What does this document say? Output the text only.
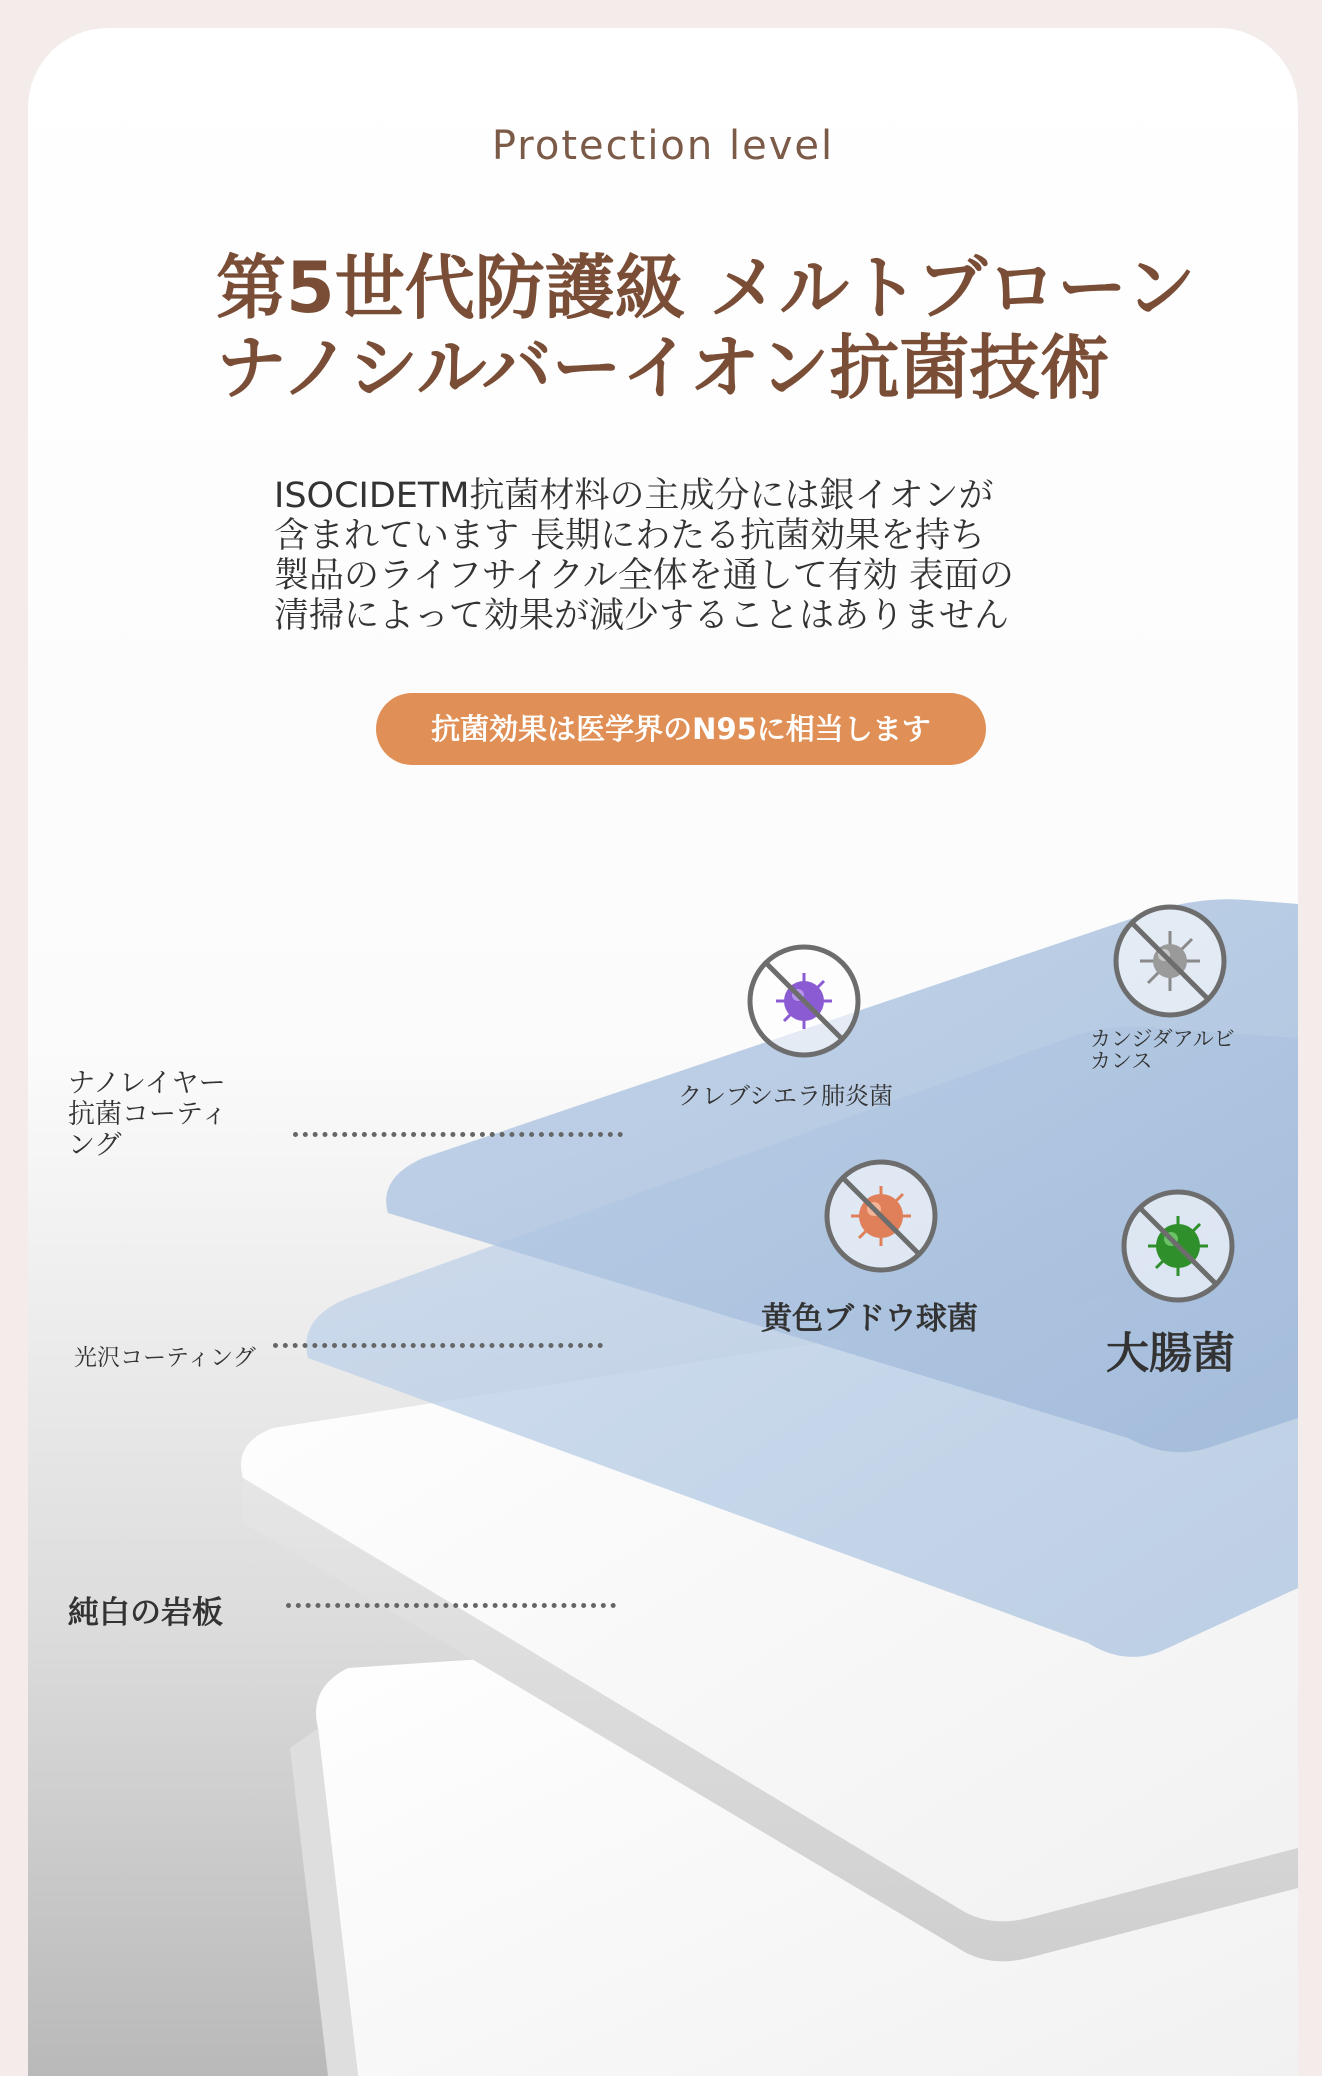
Protection level
第5世代防護級 メルトブローン
ナノシルバーイオン抗菌技術
ISOCIDETM抗菌材料の主成分には銀イオンが
含まれています 長期にわたる抗菌効果を持ち
製品のライフサイクル全体を通して有効 表面の
清掃によって効果が減少することはありません
抗菌効果は医学界のN95に相当します
ナノレイヤー
抗菌コーティ
ング
光沢コーティング
純白の岩板
クレブシエラ肺炎菌
カンジダアルビ
カンス
黄色ブドウ球菌
大腸菌
